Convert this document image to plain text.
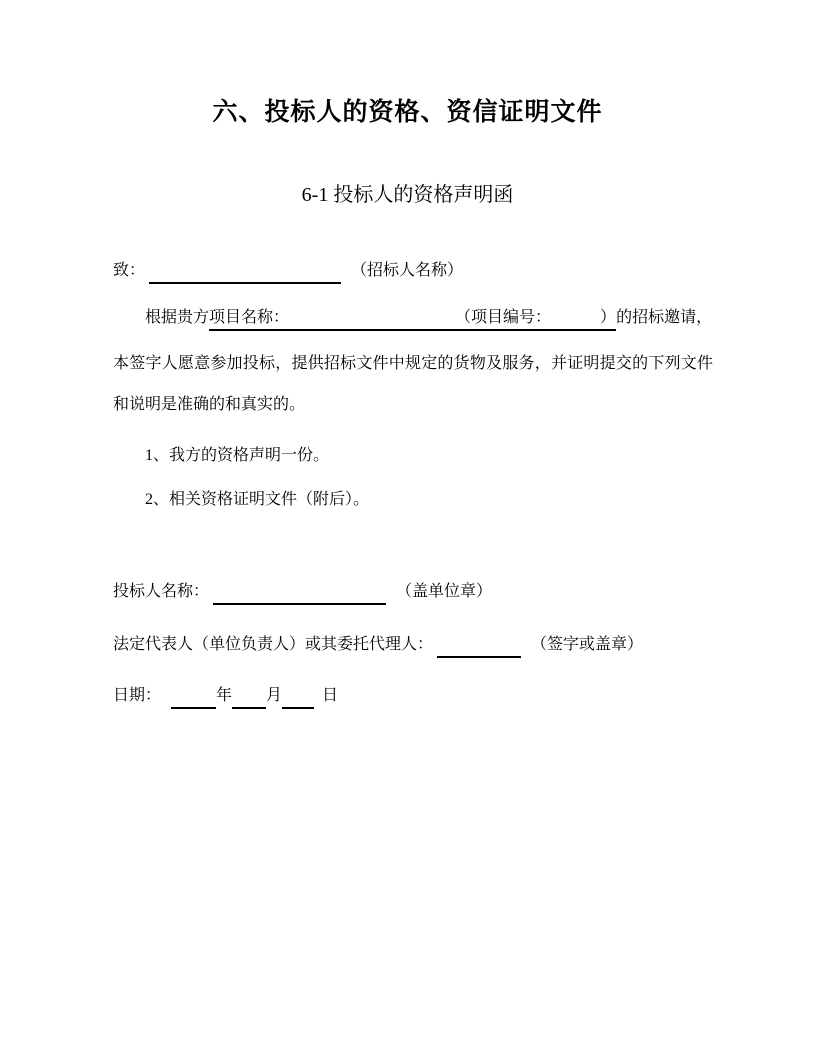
六、投标人的资格、资信证明文件
6-1 投标人的资格声明函
致：	（招标人名称）
根据贵方项目名称：	（项目编号：	）的招标邀请，
本签字人愿意参加投标，提供招标文件中规定的货物及服务，并证明提交的下列文件
和说明是准确的和真实的。
1、我方的资格声明一份。
2、相关资格证明文件（附后）。
投标人名称：	（盖单位章）
法定代表人（单位负责人）或其委托代理人：	（签字或盖章）
日期：	年 月	日
